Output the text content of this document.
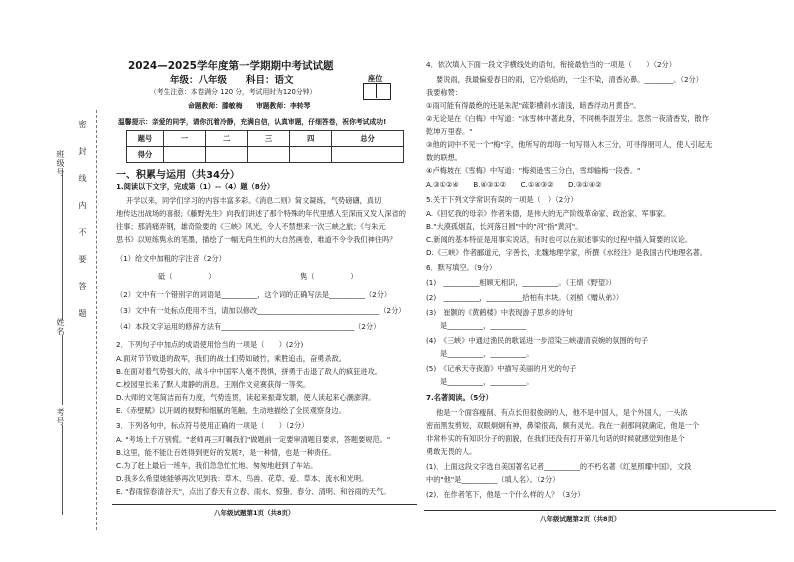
班级号 密　　封　　线　　内　　不　　要　　答　　题
姓名
考号
2024—2025学年度第一学期期中考试试题
年级：八年级　　科目：语文	座位
（考生注意：本卷满分 120 分，考试用时为120分钟）
命题教师：滕敏梅　　审题教师：李转琴
温馨提示：亲爱的同学，请你沉着冷静，充满自信，认真审题，仔细答卷，祝你考试成功!
题号	一	二	三	四	总分
得分					
一、积累与运用（共34分）
1.阅读以下文字，完成第（1）--（4）题（8分）
开学以来，同学们学习的内容丰富多彩。《消息二则》简文凝练，气势磅礴，真切
地传达出战场的喜报;《藤野先生》向我们讲述了那个特殊的年代里感人至深而又发人深省的
往事；那消痛弄钢，雄奇险要的《三峡》风光，令人不禁想来一次三峡之旅；《与朱元
思书》以短练隽永的笔墨，描绘了一幅无尚生机的大自然画卷，难道不令令我们神往吗？
（1）给文中加粗的字注音（2分）
砥（　　　　　）	隽（　　　　　）
（2）文中有一个错别字的词语是__________，这个词的正确写法是__________（2分）
（3）文中有一处标点使用不当，请加以修改__________________________________（2分）
（4）本段文字运用的修辞方法有_____________________________________（2分）
2．下列句子中加点的成语使用恰当的一项是（　　）(2分)
A.面对节节败退的敌军，我们的战士们势如破竹，乘胜追击，奋勇杀敌。
B.在面对着气势强大的，战斗中中国军人毫不畏惧，拼勇于击退了敌人的疯狂进攻。
C.校园里长来了默人肃静的消息，王刚作文竞赛获得一等奖。
D.大师的文笔简洁而有力度，气势连贯，读起来振聋发聩，使人读起来心潮澎湃。
E.《赤壁赋》以开阔的视野和细腻的笔触，生动地描绘了全民观察身边。
3．下列各句中，标点符号使用正确的一项是（　　）（2分）
A. "考场上千万别慌。"老师再三叮嘱我们"做题前一定要审清题目要求，答题要规范。"
B.这里，能不能让百姓得到更好的发展?，是一种情，也是一种责任。
C.为了赶上最后一班车，我们急急忙忙地、匆匆地赶到了车站。
D.我多么希望她能够再次见到我：草木、鸟兽、花草、爱、草本、流水和光明。
E. "春雨惊春清谷天"，点出了春天有立春、雨水、惊蛰、春分、清明、和谷雨的天气。
八年级试题第1页（共8页）
4．依次填入下面一段文字横线处的语句，衔接最恰当的一项是（　　）（2分）
要说雨，我最偏爱春日的雨，它冷焰焰的，一尘不染，清香沁鼻。________。（2分）
我要称赞：
①雨可能有得最绝的还是朱泥"疏影横斜水清浅，暗香浮动月黄昏"。
②无论是在《白梅》中写道："冰雪林中著此身，不同桃李混芳尘。忽然一夜清香发，散作
乾坤万里春。"
③他的词中不见一个"梅"字，他所写的却每一句写得入木三分，可寻得朋可人，使人引起无
数的联想。
④卢梅坡在《雪梅》中写道："梅须逊雪三分白，雪却输梅一段香。"
A.③①②④　　B.④③①②　　C.①④③②　　D.③①④②
5.关于下列文学常识有误的一项是（　）（2分）
A.《回忆我的母亲》作者朱德，是伟大的无产阶级革命家、政治家、军事家。
B."大漠孤烟直，长河落日圆"中的"河"指"黄河"。
C.新闻的基本特征是用事实说话，有时也可以在叙述事实的过程中插入简要的议论。
D.《三峡》作者郦道元，字善长，北魏地理学家，所撰《水经注》是我国古代地理名著。
6．默写填空。（9分）
(1)　__________相顾无相识，__________。（王绩《野望》）
(2)　__________，__________拾柏有丰块。（刘桢《赠从弟》）
(3)　崔颢的《黄鹤楼》中表现游子思乡的诗句
是__________，__________
(4)　《三峡》中通过渔民的歌谣进一步渲染三峡凄清哀婉的氛围的句子
是__________，__________。
(5)　《记承天寺夜游》中描写美丽的月光的句子
是__________，__________。
7.名著阅读。（5分）
他是一个面容瘦削、有点长但很俊朗的人，他不是中国人，是个外国人，一头浓
密而黑发剪短，双眼炯炯有神，鼻梁很高，颇有灵光。我在一刹那间就确定，他是一个
非常朴实的有知识分子的面貌，在我们还没有打开第几句话的时候就感觉到他是个
勇敢无畏的人。
(1)．上面这段文字选自美国著名记者__________的不朽名著《红星照耀中国》，文段
中的"他"是__________（填人名）。（2分）
(2)．在作者笔下，他是一个什么样的人？（3分）
八年级试题第2页（共8页）
